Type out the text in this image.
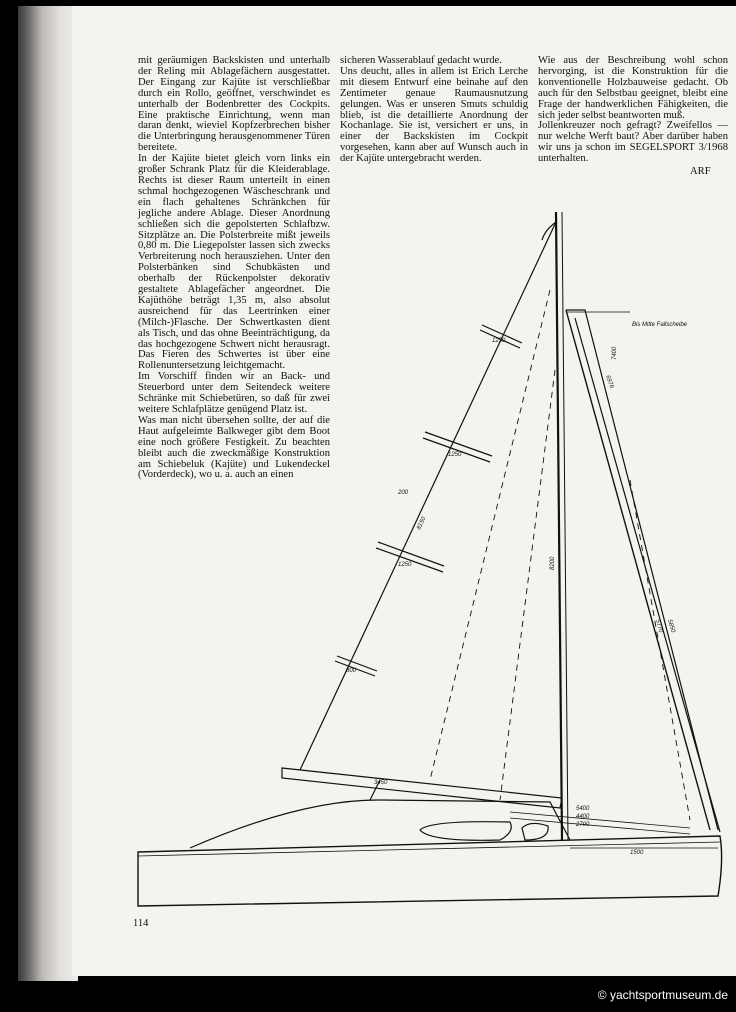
mit geräumigen Backskisten und unterhalb der Reling mit Ablagefächern ausgestattet. Der Eingang zur Kajüte ist verschließbar durch ein Rollo, geöffnet, verschwindet es unterhalb der Bodenbretter des Cockpits. Eine praktische Einrichtung, wenn man daran denkt, wieviel Kopfzerbrechen bisher die Unterbringung herausgenommener Türen bereitete.

In der Kajüte bietet gleich vorn links ein großer Schrank Platz für die Kleiderablage. Rechts ist dieser Raum unterteilt in einen schmal hochgezogenen Wäscheschrank und ein flach gehaltenes Schränkchen für jegliche andere Ablage. Dieser Anordnung schließen sich die gepolsterten Schlafbzw. Sitzplätze an. Die Polsterbreite mißt jeweils 0,80 m. Die Liegepolster lassen sich zwecks Verbreiterung noch herausziehen. Unter den Polsterbänken sind Schubkästen und oberhalb der Rückenpolster dekorativ gestaltete Ablagefächer angeordnet. Die Kajüthöhe beträgt 1,35 m, also absolut ausreichend für das Leertrinken einer (Milch-)Flasche. Der Schwertkasten dient als Tisch, und das ohne Beeinträchtigung, da das hochgezogene Schwert nicht herausragt. Das Fieren des Schwertes ist über eine Rollenuntersetzung leichtgemacht.

Im Vorschiff finden wir an Back- und Steuerbord unter dem Seitendeck weitere Schränke mit Schiebetüren, so daß für zwei weitere Schlafplätze genügend Platz ist.

Was man nicht übersehen sollte, der auf die Haut aufgeleimte Balkweger gibt dem Boot eine noch größere Festigkeit. Zu beachten bleibt auch die zweckmäßige Konstruktion am Schiebeluk (Kajüte) und Lukendeckel (Vorderdeck), wo u. a. auch an einen

sicheren Wasserablauf gedacht wurde.

Uns deucht, alles in allem ist Erich Lerche mit diesem Entwurf eine beinahe auf den Zentimeter genaue Raumausnutzung gelungen. Was er unseren Smuts schuldig blieb, ist die detaillierte Anordnung der Kochanlage. Sie ist, versichert er uns, in einer der Backskisten im Cockpit vorgesehen, kann aber auf Wunsch auch in der Kajüte untergebracht werden.

Wie aus der Beschreibung wohl schon hervorging, ist die Konstruktion für die konventionelle Holzbauweise gedacht. Ob auch für den Selbstbau geeignet, bleibt eine Frage der handwerklichen Fähigkeiten, die sich jeder selbst beantworten muß.

Jollenkreuzer noch gefragt? Zweifellos — nur welche Werft baut? Aber darüber haben wir uns ja schon im SEGELSPORT 3/1968 unterhalten.

ARF
Bis Mitte Fallscheibe
7400
6976
5770 5850
8200
1250
1250
1250
800
8150
200
3450
5400
4400
2700
1500
114
© yachtsportmuseum.de
